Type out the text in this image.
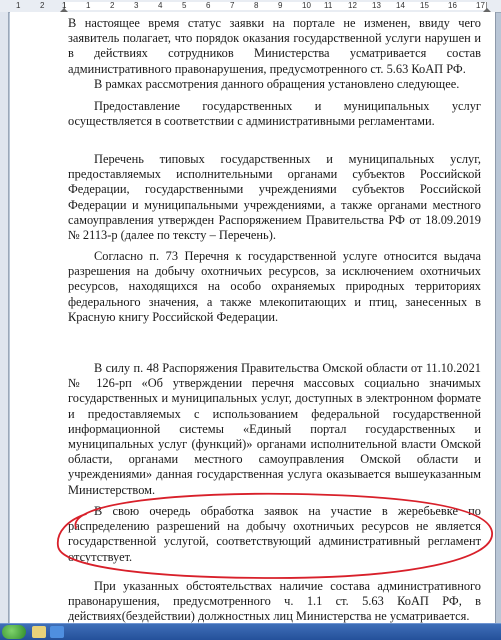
1 2 1 1 2 3 4 5 6 7 8 9 10 11 12 13 14 15 16 17

В настоящее время статус заявки на портале не изменен, ввиду чего заявитель полагает, что порядок оказания государственной услуги нарушен и в действиях сотрудников Министерства усматривается состав административного правонарушения, предусмотренного ст. 5.63 КоАП РФ.

В рамках рассмотрения данного обращения установлено следующее.

Предоставление государственных и муниципальных услуг осуществляется в соответствии с административными регламентами.

Перечень типовых государственных и муниципальных услуг, предоставляемых исполнительными органами субъектов Российской Федерации, государственными учреждениями субъектов Российской Федерации и муниципальными учреждениями, а также органами местного самоуправления утвержден Распоряжением Правительства РФ от 18.09.2019 № 2113-р (далее по тексту – Перечень).

Согласно п. 73 Перечня к государственной услуге относится выдача разрешения на добычу охотничьих ресурсов, за исключением охотничьих ресурсов, находящихся на особо охраняемых природных территориях федерального значения, а также млекопитающих и птиц, занесенных в Красную книгу Российской Федерации.

В силу п. 48 Распоряжения Правительства Омской области от 11.10.2021 № 126-рп «Об утверждении перечня массовых социально значимых государственных и муниципальных услуг, доступных в электронном формате и предоставляемых с использованием федеральной государственной информационной системы «Единый портал государственных и муниципальных услуг (функций)» органами исполнительной власти Омской области, органами местного самоуправления Омской области и учреждениями» данная государственная услуга оказывается вышеуказанным Министерством.

В свою очередь обработка заявок на участие в жеребьевке по распределению разрешений на добычу охотничьих ресурсов не является государственной услугой, соответствующий административный регламент отсутствует.

При указанных обстоятельствах наличие состава административного правонарушения, предусмотренного ч. 1.1 ст. 5.63 КоАП РФ, в действиях(бездействии) должностных лиц Министерства не усматривается.
